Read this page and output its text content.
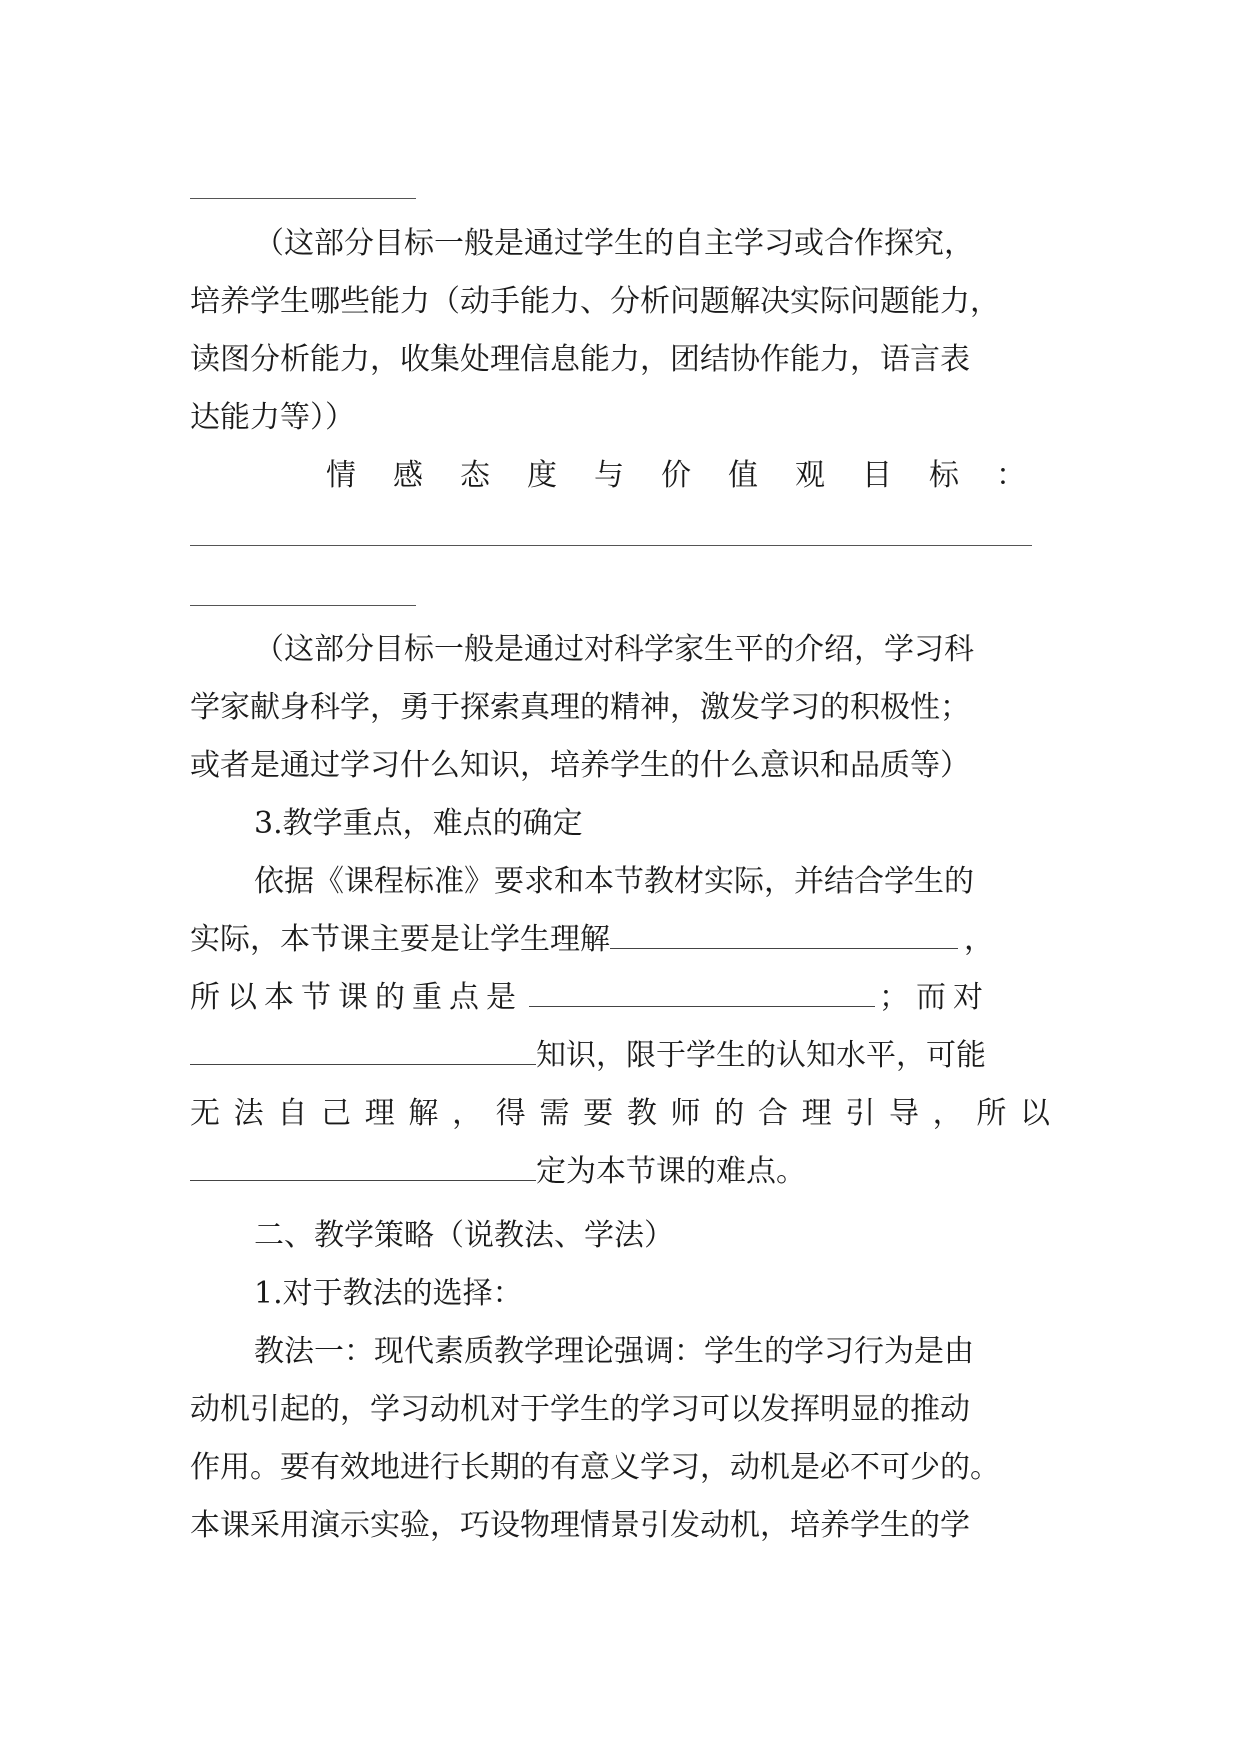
（这部分目标一般是通过学生的自主学习或合作探究，
培养学生哪些能力（动手能力、分析问题解决实际问题能力，
读图分析能力，收集处理信息能力，团结协作能力，语言表
达能力等））
情感态度与价值观目标：
（这部分目标一般是通过对科学家生平的介绍，学习科
学家献身科学，勇于探索真理的精神，激发学习的积极性；
或者是通过学习什么知识，培养学生的什么意识和品质等）
3.教学重点，难点的确定
依据《课程标准》要求和本节教材实际，并结合学生的
实际，本节课主要是让学生理解	，
所以本节课的重点是	；而对
知识，限于学生的认知水平，可能
无法自己理解，得需要教师的合理引导，所以
定为本节课的难点。
二、教学策略（说教法、学法）
1.对于教法的选择：
教法一：现代素质教学理论强调：学生的学习行为是由
动机引起的，学习动机对于学生的学习可以发挥明显的推动
作用。要有效地进行长期的有意义学习，动机是必不可少的。
本课采用演示实验，巧设物理情景引发动机，培养学生的学
